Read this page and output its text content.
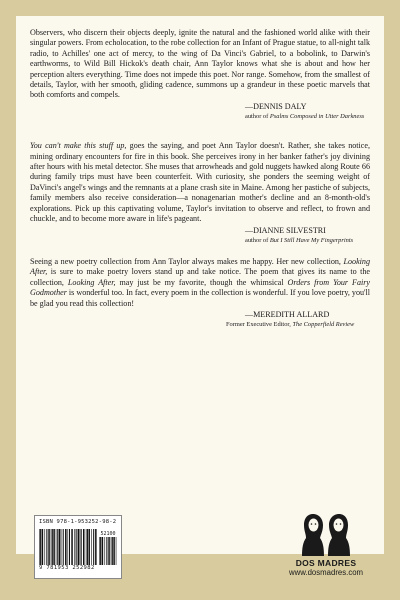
Observers, who discern their objects deeply, ignite the natural and the fashioned world alike with their singular powers. From echolocation, to the robe collection for an Infant of Prague statue, to all-night talk radio, to Achilles' one act of mercy, to the wing of Da Vinci's Gabriel, to a bobolink, to Darwin's earthworms, to Wild Bill Hickok's death chair, Ann Taylor knows what she is about and how her perception alters everything. Time does not impede this poet. Nor range. Somehow, from the smallest of details, Taylor, with her smooth, gliding cadence, summons up a grandeur in these poetic marvels that both comforts and compels.

—DENNIS DALY
author of Psalms Composed in Utter Darkness

You can't make this stuff up, goes the saying, and poet Ann Taylor doesn't. Rather, she takes notice, mining ordinary encounters for fire in this book. She perceives irony in her banker father's joy divining after hours with his metal detector. She muses that arrowheads and gold nuggets hawked along Route 66 during family trips must have been counterfeit. With curiosity, she ponders the seeming weight of DaVinci's angel's wings and the remnants at a plane crash site in Maine. Among her pastiche of subjects, family members also receive consideration—a nonagenarian mother's decline and an 8-month-old's explorations. Pick up this captivating volume, Taylor's invitation to observe and reflect, to frown and chuckle, and to become more aware in life's pageant.

—DIANNE SILVESTRI
author of But I Still Have My Fingerprints

Seeing a new poetry collection from Ann Taylor always makes me happy. Her new collection, Looking After, is sure to make poetry lovers stand up and take notice. The poem that gives its name to the collection, Looking After, may just be my favorite, though the whimsical Orders from Your Fairy Godmother is wonderful too. In fact, every poem in the collection is wonderful. If you love poetry, you'll be glad you read this collection!

—MEREDITH ALLARD
Former Executive Editor, The Copperfield Review
ISBN 978-1-953252-98-2
52100
9 781953 252982	DOS MADRES
www.dosmadres.com
